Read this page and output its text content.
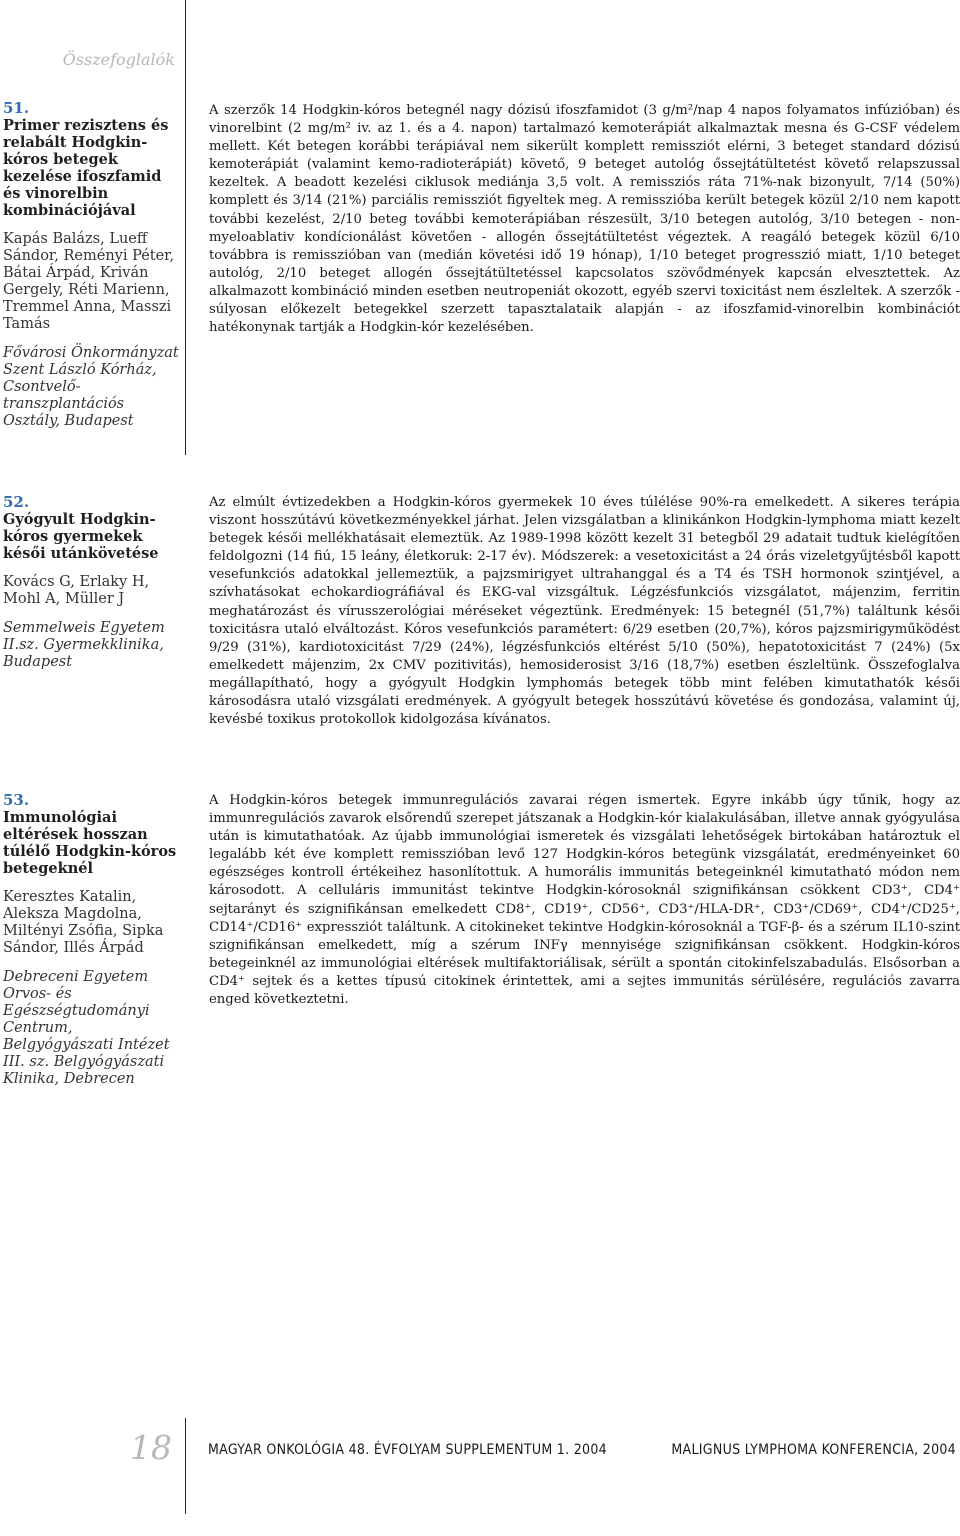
Összefoglalók

51.

Primer rezisztens és relabált Hodgkin-kóros betegek kezelése ifoszfamid és vinorelbin kombinációjával

Kapás Balázs, Lueff Sándor, Reményi Péter, Bátai Árpád, Kriván Gergely, Réti Marienn, Tremmel Anna, Masszi Tamás

Fővárosi Önkormányzat Szent László Kórház, Csontvelő-transzplantációs Osztály, Budapest

A szerzők 14 Hodgkin-kóros betegnél nagy dózisú ifoszfamidot (3 g/m²/nap 4 napos folyamatos infúzióban) és vinorelbint (2 mg/m² iv. az 1. és a 4. napon) tartalmazó kemoterápiát alkalmaztak mesna és G-CSF védelem mellett. Két betegen korábbi terápiával nem sikerült komplett remissziót elérni, 3 beteget standard dózisú kemoterápiát (valamint kemo-radioterápiát) követő, 9 beteget autológ őssejtátültetést követő relapszussal kezeltek. A beadott kezelési ciklusok mediánja 3,5 volt. A remissziós ráta 71%-nak bizonyult, 7/14 (50%) komplett és 3/14 (21%) parciális remissziót figyeltek meg. A remisszióba került betegek közül 2/10 nem kapott további kezelést, 2/10 beteg további kemoterápiában részesült, 3/10 betegen autológ, 3/10 betegen - non-myeloablativ kondícionálást követően - allogén őssejtátültetést végeztek. A reagáló betegek közül 6/10 továbbra is remisszióban van (medián követési idő 19 hónap), 1/10 beteget progresszió miatt, 1/10 beteget autológ, 2/10 beteget allogén őssejtátültetéssel kapcsolatos szövődmények kapcsán elvesztettek. Az alkalmazott kombináció minden esetben neutropeniát okozott, egyéb szervi toxicitást nem észleltek. A szerzők - súlyosan előkezelt betegekkel szerzett tapasztalataik alapján - az ifoszfamid-vinorelbin kombinációt hatékonynak tartják a Hodgkin-kór kezelésében.

52.

Gyógyult Hodgkin-kóros gyermekek késői utánkövetése

Kovács G, Erlaky H, Mohl A, Müller J

Semmelweis Egyetem II.sz. Gyermekklinika, Budapest

Az elmúlt évtizedekben a Hodgkin-kóros gyermekek 10 éves túlélése 90%-ra emelkedett. A sikeres terápia viszont hosszútávú következményekkel járhat. Jelen vizsgálatban a klinikánkon Hodgkin-lymphoma miatt kezelt betegek késői mellékhatásait elemeztük. Az 1989-1998 között kezelt 31 betegből 29 adatait tudtuk kielégítően feldolgozni (14 fiú, 15 leány, életkoruk: 2-17 év). Módszerek: a vesetoxicitást a 24 órás vizeletgyűjtésből kapott vesefunkciós adatokkal jellemeztük, a pajzsmirigyet ultrahanggal és a T4 és TSH hormonok szintjével, a szívhatásokat echokardiográfiával és EKG-val vizsgáltuk. Légzésfunkciós vizsgálatot, májenzim, ferritin meghatározást és vírusszerológiai méréseket végeztünk. Eredmények: 15 betegnél (51,7%) találtunk késői toxicitásra utaló elváltozást. Kóros vesefunkciós paramétert: 6/29 esetben (20,7%), kóros pajzsmirigyműködést 9/29 (31%), kardiotoxicitást 7/29 (24%), légzésfunkciós eltérést 5/10 (50%), hepatotoxicitást 7 (24%) (5x emelkedett májenzim, 2x CMV pozitivitás), hemosiderosist 3/16 (18,7%) esetben észleltünk. Összefoglalva megállapítható, hogy a gyógyult Hodgkin lymphomás betegek több mint felében kimutathatók késői károsodásra utaló vizsgálati eredmények. A gyógyult betegek hosszútávú követése és gondozása, valamint új, kevésbé toxikus protokollok kidolgozása kívánatos.

53.

Immunológiai eltérések hosszan túlélő Hodgkin-kóros betegeknél

Keresztes Katalin, Aleksza Magdolna, Miltényi Zsófia, Sipka Sándor, Illés Árpád

Debreceni Egyetem Orvos- és Egészségtudományi Centrum, Belgyógyászati Intézet III. sz. Belgyógyászati Klinika, Debrecen

A Hodgkin-kóros betegek immunregulációs zavarai régen ismertek. Egyre inkább úgy tűnik, hogy az immunregulációs zavarok elsőrendű szerepet játszanak a Hodgkin-kór kialakulásában, illetve annak gyógyulása után is kimutathatóak. Az újabb immunológiai ismeretek és vizsgálati lehetőségek birtokában határoztuk el legalább két éve komplett remisszióban levő 127 Hodgkin-kóros betegünk vizsgálatát, eredményeinket 60 egészséges kontroll értékeihez hasonlítottuk. A humorális immunitás betegeinknél kimutatható módon nem károsodott. A celluláris immunitást tekintve Hodgkin-kórosoknál szignifikánsan csökkent CD3⁺, CD4⁺ sejtarányt és szignifikánsan emelkedett CD8⁺, CD19⁺, CD56⁺, CD3⁺/HLA-DR⁺, CD3⁺/CD69⁺, CD4⁺/CD25⁺, CD14⁺/CD16⁺ expressziót találtunk. A citokineket tekintve Hodgkin-kórosoknál a TGF-β- és a szérum IL10-szint szignifikánsan emelkedett, míg a szérum INFγ mennyisége szignifikánsan csökkent. Hodgkin-kóros betegeinknél az immunológiai eltérések multifaktoriálisak, sérült a spontán citokinfelszabadulás. Elsősorban a CD4⁺ sejtek és a kettes típusú citokinek érintettek, ami a sejtes immunitás sérülésére, regulációs zavarra enged következtetni.

18	MAGYAR ONKOLÓGIA 48. ÉVFOLYAM SUPPLEMENTUM 1. 2004	MALIGNUS LYMPHOMA KONFERENCIA, 2004
